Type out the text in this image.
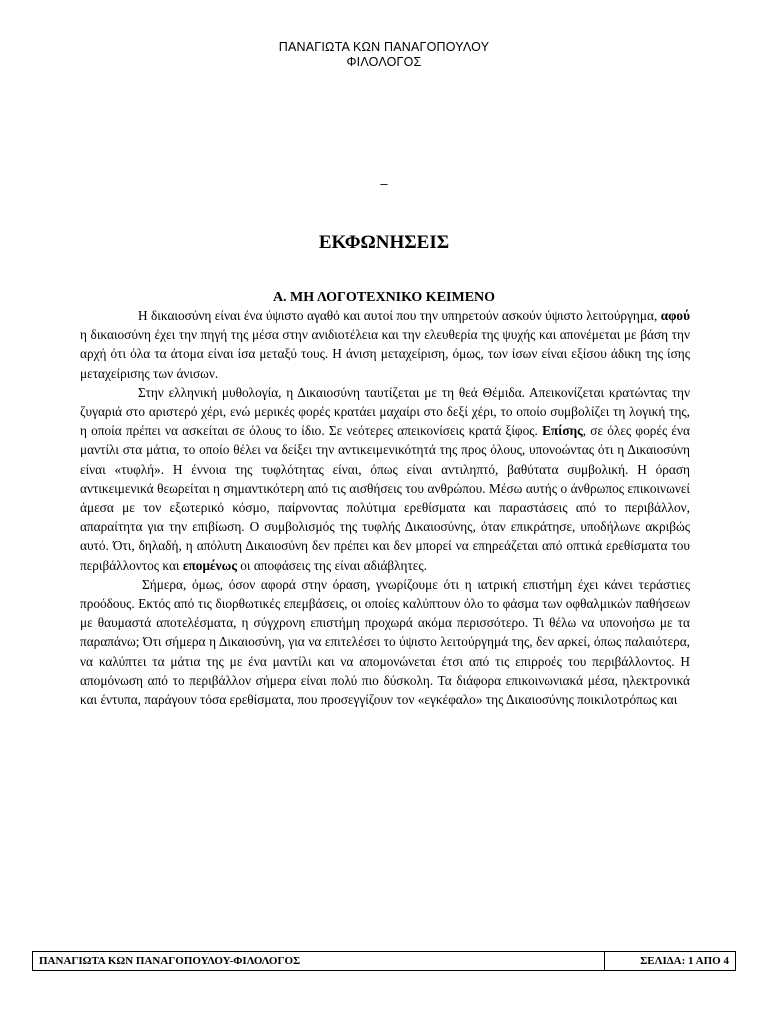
ΠΑΝΑΓΙΩΤΑ ΚΩΝ ΠΑΝΑΓΟΠΟΥΛΟΥ
ΦΙΛΟΛΟΓΟΣ
–
ΕΚΦΩΝΗΣΕΙΣ
Α. ΜΗ ΛΟΓΟΤΕΧΝΙΚΟ ΚΕΙΜΕΝΟ

Η δικαιοσύνη είναι ένα ύψιστο αγαθό και αυτοί που την υπηρετούν ασκούν ύψιστο λειτούργημα, αφού η δικαιοσύνη έχει την πηγή της μέσα στην ανιδιοτέλεια και την ελευθερία της ψυχής και απονέμεται με βάση την αρχή ότι όλα τα άτομα είναι ίσα μεταξύ τους. Η άνιση μεταχείριση, όμως, των ίσων είναι εξίσου άδικη της ίσης μεταχείρισης των άνισων.

Στην ελληνική μυθολογία, η Δικαιοσύνη ταυτίζεται με τη θεά Θέμιδα. Απεικονίζεται κρατώντας την ζυγαριά στο αριστερό χέρι, ενώ μερικές φορές κρατάει μαχαίρι στο δεξί χέρι, το οποίο συμβολίζει τη λογική της, η οποία πρέπει να ασκείται σε όλους το ίδιο. Σε νεότερες απεικονίσεις κρατά ξίφος. Επίσης, σε όλες φορές ένα μαντίλι στα μάτια, το οποίο θέλει να δείξει την αντικειμενικότητά της προς όλους, υπονοώντας ότι η Δικαιοσύνη είναι «τυφλή». Η έννοια της τυφλότητας είναι, όπως είναι αντιληπτό, βαθύτατα συμβολική. Η όραση αντικειμενικά θεωρείται η σημαντικότερη από τις αισθήσεις του ανθρώπου. Μέσω αυτής ο άνθρωπος επικοινωνεί άμεσα με τον εξωτερικό κόσμο, παίρνοντας πολύτιμα ερεθίσματα και παραστάσεις από το περιβάλλον, απαραίτητα για την επιβίωση. Ο συμβολισμός της τυφλής Δικαιοσύνης, όταν επικράτησε, υποδήλωνε ακριβώς αυτό. Ότι, δηλαδή, η απόλυτη Δικαιοσύνη δεν πρέπει και δεν μπορεί να επηρεάζεται από οπτικά ερεθίσματα του περιβάλλοντος και επομένως οι αποφάσεις της είναι αδιάβλητες.

Σήμερα, όμως, όσον αφορά στην όραση, γνωρίζουμε ότι η ιατρική επιστήμη έχει κάνει τεράστιες προόδους. Εκτός από τις διορθωτικές επεμβάσεις, οι οποίες καλύπτουν όλο το φάσμα των οφθαλμικών παθήσεων με θαυμαστά αποτελέσματα, η σύγχρονη επιστήμη προχωρά ακόμα περισσότερο. Τι θέλω να υπονοήσω με τα παραπάνω; Ότι σήμερα η Δικαιοσύνη, για να επιτελέσει το ύψιστο λειτούργημά της, δεν αρκεί, όπως παλαιότερα, να καλύπτει τα μάτια της με ένα μαντίλι και να απομονώνεται έτσι από τις επιρροές του περιβάλλοντος. Η απομόνωση από το περιβάλλον σήμερα είναι πολύ πιο δύσκολη. Τα διάφορα επικοινωνιακά μέσα, ηλεκτρονικά και έντυπα, παράγουν τόσα ερεθίσματα, που προσεγγίζουν τον «εγκέφαλο» της Δικαιοσύνης ποικιλοτρόπως και

ΠΑΝΑΓΙΩΤΑ ΚΩΝ ΠΑΝΑΓΟΠΟΥΛΟΥ-ΦΙΛΟΛΟΓΟΣ	ΣΕΛΙΔΑ: 1 ΑΠΟ 4
